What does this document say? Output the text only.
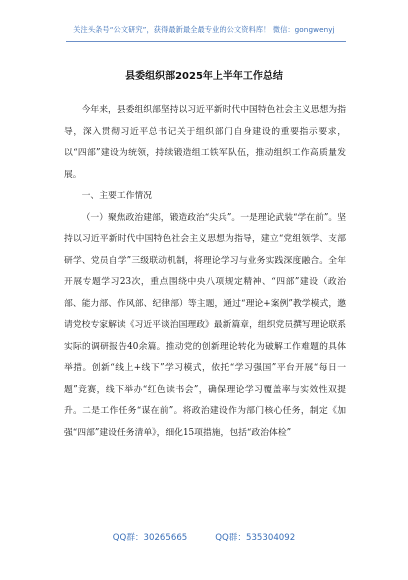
关注头条号“公文研究”，获得最新最全最专业的公文资料库！ 微信：gongwenyj
县委组织部2025年上半年工作总结

今年来，县委组织部坚持以习近平新时代中国特色社会主义思想为指导，深入贯彻习近平总书记关于组织部门自身建设的重要指示要求，以“四部”建设为统领，持续锻造组工铁军队伍，推动组织工作高质量发展。

一、主要工作情况

（一）聚焦政治建部，锻造政治“尖兵”。一是理论武装“学在前”。坚持以习近平新时代中国特色社会主义思想为指导，建立“党组领学、支部研学、党员自学”三级联动机制，将理论学习与业务实践深度融合。全年开展专题学习23次，重点围绕中央八项规定精神、“四部”建设（政治部、能力部、作风部、纪律部）等主题，通过“理论+案例”教学模式，邀请党校专家解读《习近平谈治国理政》最新篇章，组织党员撰写理论联系实际的调研报告40余篇。推动党的创新理论转化为破解工作难题的具体举措。创新“线上+线下”学习模式，依托“学习强国”平台开展“每日一题”竞赛，线下举办“红色读书会”，确保理论学习覆盖率与实效性双提升。二是工作任务“谋在前”。将政治建设作为部门核心任务，制定《加强“四部”建设任务清单》，细化15项措施，包括“政治体检”

QQ群：30265665	QQ群：535304092
